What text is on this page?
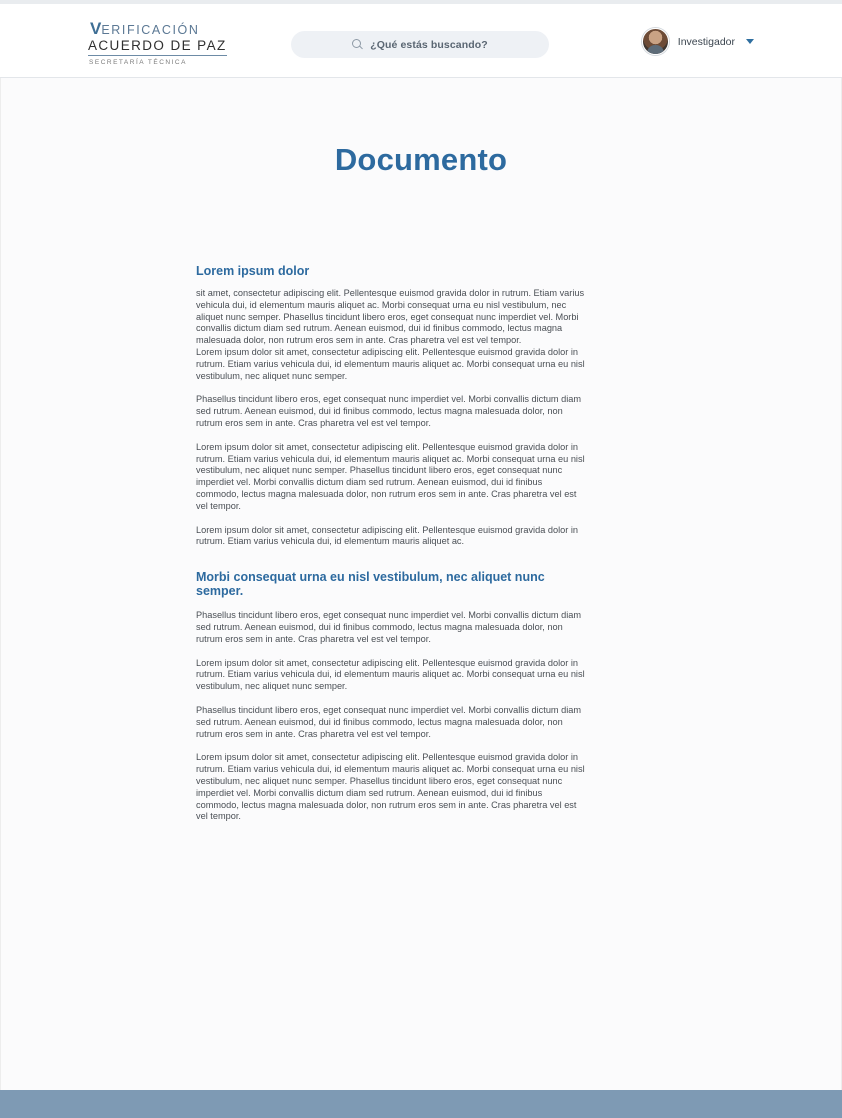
VERIFICACIÓN
ACUERDO DE PAZ
SECRETARÍA TÉCNICA
¿Qué estás buscando?	Investigador
Documento
Lorem ipsum dolor

sit amet, consectetur adipiscing elit. Pellentesque euismod gravida dolor in rutrum. Etiam varius vehicula dui, id elementum mauris aliquet ac. Morbi consequat urna eu nisl vestibulum, nec aliquet nunc semper. Phasellus tincidunt libero eros, eget consequat nunc imperdiet vel. Morbi convallis dictum diam sed rutrum. Aenean euismod, dui id finibus commodo, lectus magna malesuada dolor, non rutrum eros sem in ante. Cras pharetra vel est vel tempor.

Lorem ipsum dolor sit amet, consectetur adipiscing elit. Pellentesque euismod gravida dolor in rutrum. Etiam varius vehicula dui, id elementum mauris aliquet ac. Morbi consequat urna eu nisl vestibulum, nec aliquet nunc semper.

Phasellus tincidunt libero eros, eget consequat nunc imperdiet vel. Morbi convallis dictum diam sed rutrum. Aenean euismod, dui id finibus commodo, lectus magna malesuada dolor, non rutrum eros sem in ante. Cras pharetra vel est vel tempor.

Lorem ipsum dolor sit amet, consectetur adipiscing elit. Pellentesque euismod gravida dolor in rutrum. Etiam varius vehicula dui, id elementum mauris aliquet ac. Morbi consequat urna eu nisl vestibulum, nec aliquet nunc semper. Phasellus tincidunt libero eros, eget consequat nunc imperdiet vel. Morbi convallis dictum diam sed rutrum. Aenean euismod, dui id finibus commodo, lectus magna malesuada dolor, non rutrum eros sem in ante. Cras pharetra vel est vel tempor.

Lorem ipsum dolor sit amet, consectetur adipiscing elit. Pellentesque euismod gravida dolor in rutrum. Etiam varius vehicula dui, id elementum mauris aliquet ac.

Morbi consequat urna eu nisl vestibulum, nec aliquet nunc semper.

Phasellus tincidunt libero eros, eget consequat nunc imperdiet vel. Morbi convallis dictum diam sed rutrum. Aenean euismod, dui id finibus commodo, lectus magna malesuada dolor, non rutrum eros sem in ante. Cras pharetra vel est vel tempor.

Lorem ipsum dolor sit amet, consectetur adipiscing elit. Pellentesque euismod gravida dolor in rutrum. Etiam varius vehicula dui, id elementum mauris aliquet ac. Morbi consequat urna eu nisl vestibulum, nec aliquet nunc semper.

Phasellus tincidunt libero eros, eget consequat nunc imperdiet vel. Morbi convallis dictum diam sed rutrum. Aenean euismod, dui id finibus commodo, lectus magna malesuada dolor, non rutrum eros sem in ante. Cras pharetra vel est vel tempor.

Lorem ipsum dolor sit amet, consectetur adipiscing elit. Pellentesque euismod gravida dolor in rutrum. Etiam varius vehicula dui, id elementum mauris aliquet ac. Morbi consequat urna eu nisl vestibulum, nec aliquet nunc semper. Phasellus tincidunt libero eros, eget consequat nunc imperdiet vel. Morbi convallis dictum diam sed rutrum. Aenean euismod, dui id finibus commodo, lectus magna malesuada dolor, non rutrum eros sem in ante. Cras pharetra vel est vel tempor.
